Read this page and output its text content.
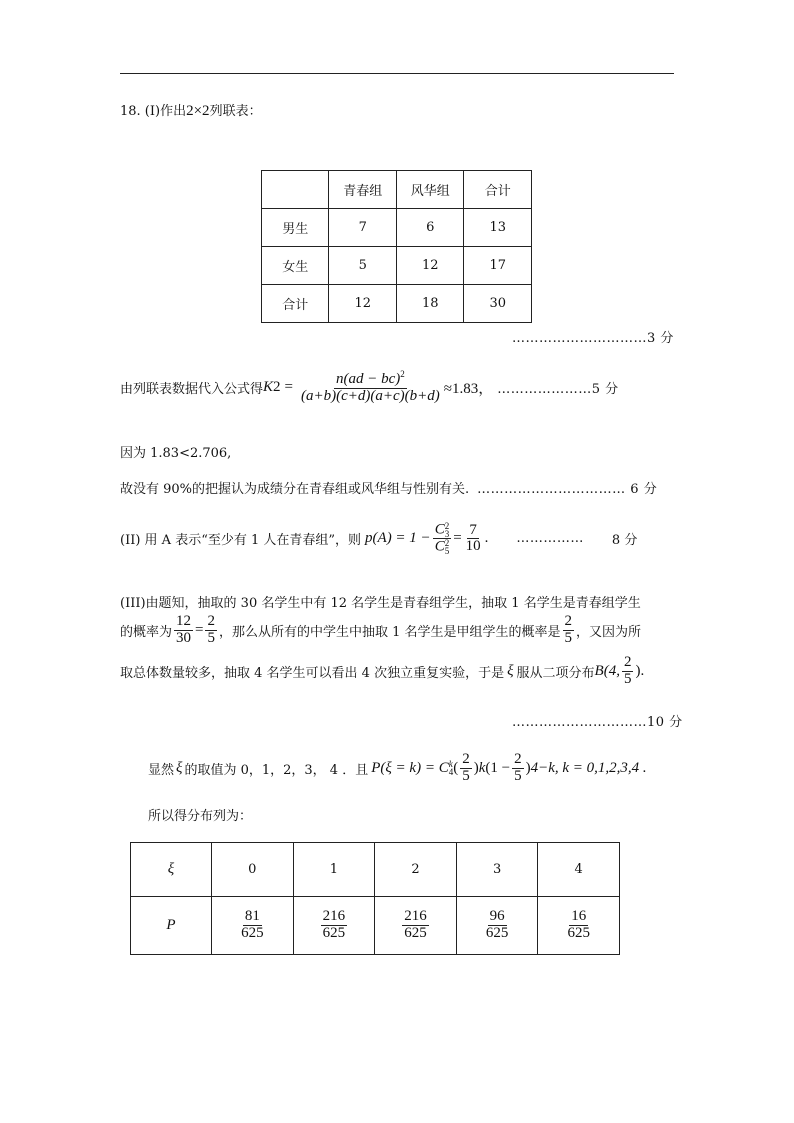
18. (I)作出2×2列联表：
	青春组	风华组	合计
男生	7	6	13
女生	5	12	17
合计	12	18	30
…………………………3 分
由列联表数据代入公式得 K $2 = \frac{n(ad - bc)^2}{(a+b)(c+d)(a+c)(b+d)} \approx 1.83$， …………………5 分
因为 1.83<2.706,
故没有 90%的把握认为成绩分在青春组或风华组与性别有关. …………………………… 6 分
(II) 用 A 表示“至少有 1 人在青春组”，则 p(A) = 1 − C 2
3
C 2
$5 = \frac{7}{10}$ . …………… 8 分
(III)由题知，抽取的 30 名学生中有 12 名学生是青春组学生，抽取 1 名学生是青春组学生
的概率为 $\frac{12}{30} = \frac{2}{5}$ ，那么从所有的中学生中抽取 1 名学生是甲组学生的概率是 $\frac{2}{5}$ ，又因为所
取总体数量较多，抽取 4 名学生可以看出 4 次独立重复实验，于是 ξ 服从二项分布 B(4, $\frac{2}{5}$ ).
…………………………10 分
显然 ξ 的取值为 0，1，2，3， 4 ．且 P(ξ = k) = C k
4 ( $\frac{2}{5}$ ) k ($1 - \frac{2}{5}$ ) 4−k , k = 0,1,2,3,4 .
所以得分布列为：
ξ	0	1	2	3	4
P	$\frac{81}{625}$	$\frac{216}{625}$	$\frac{216}{625}$	$\frac{96}{625}$	$\frac{16}{625}$
